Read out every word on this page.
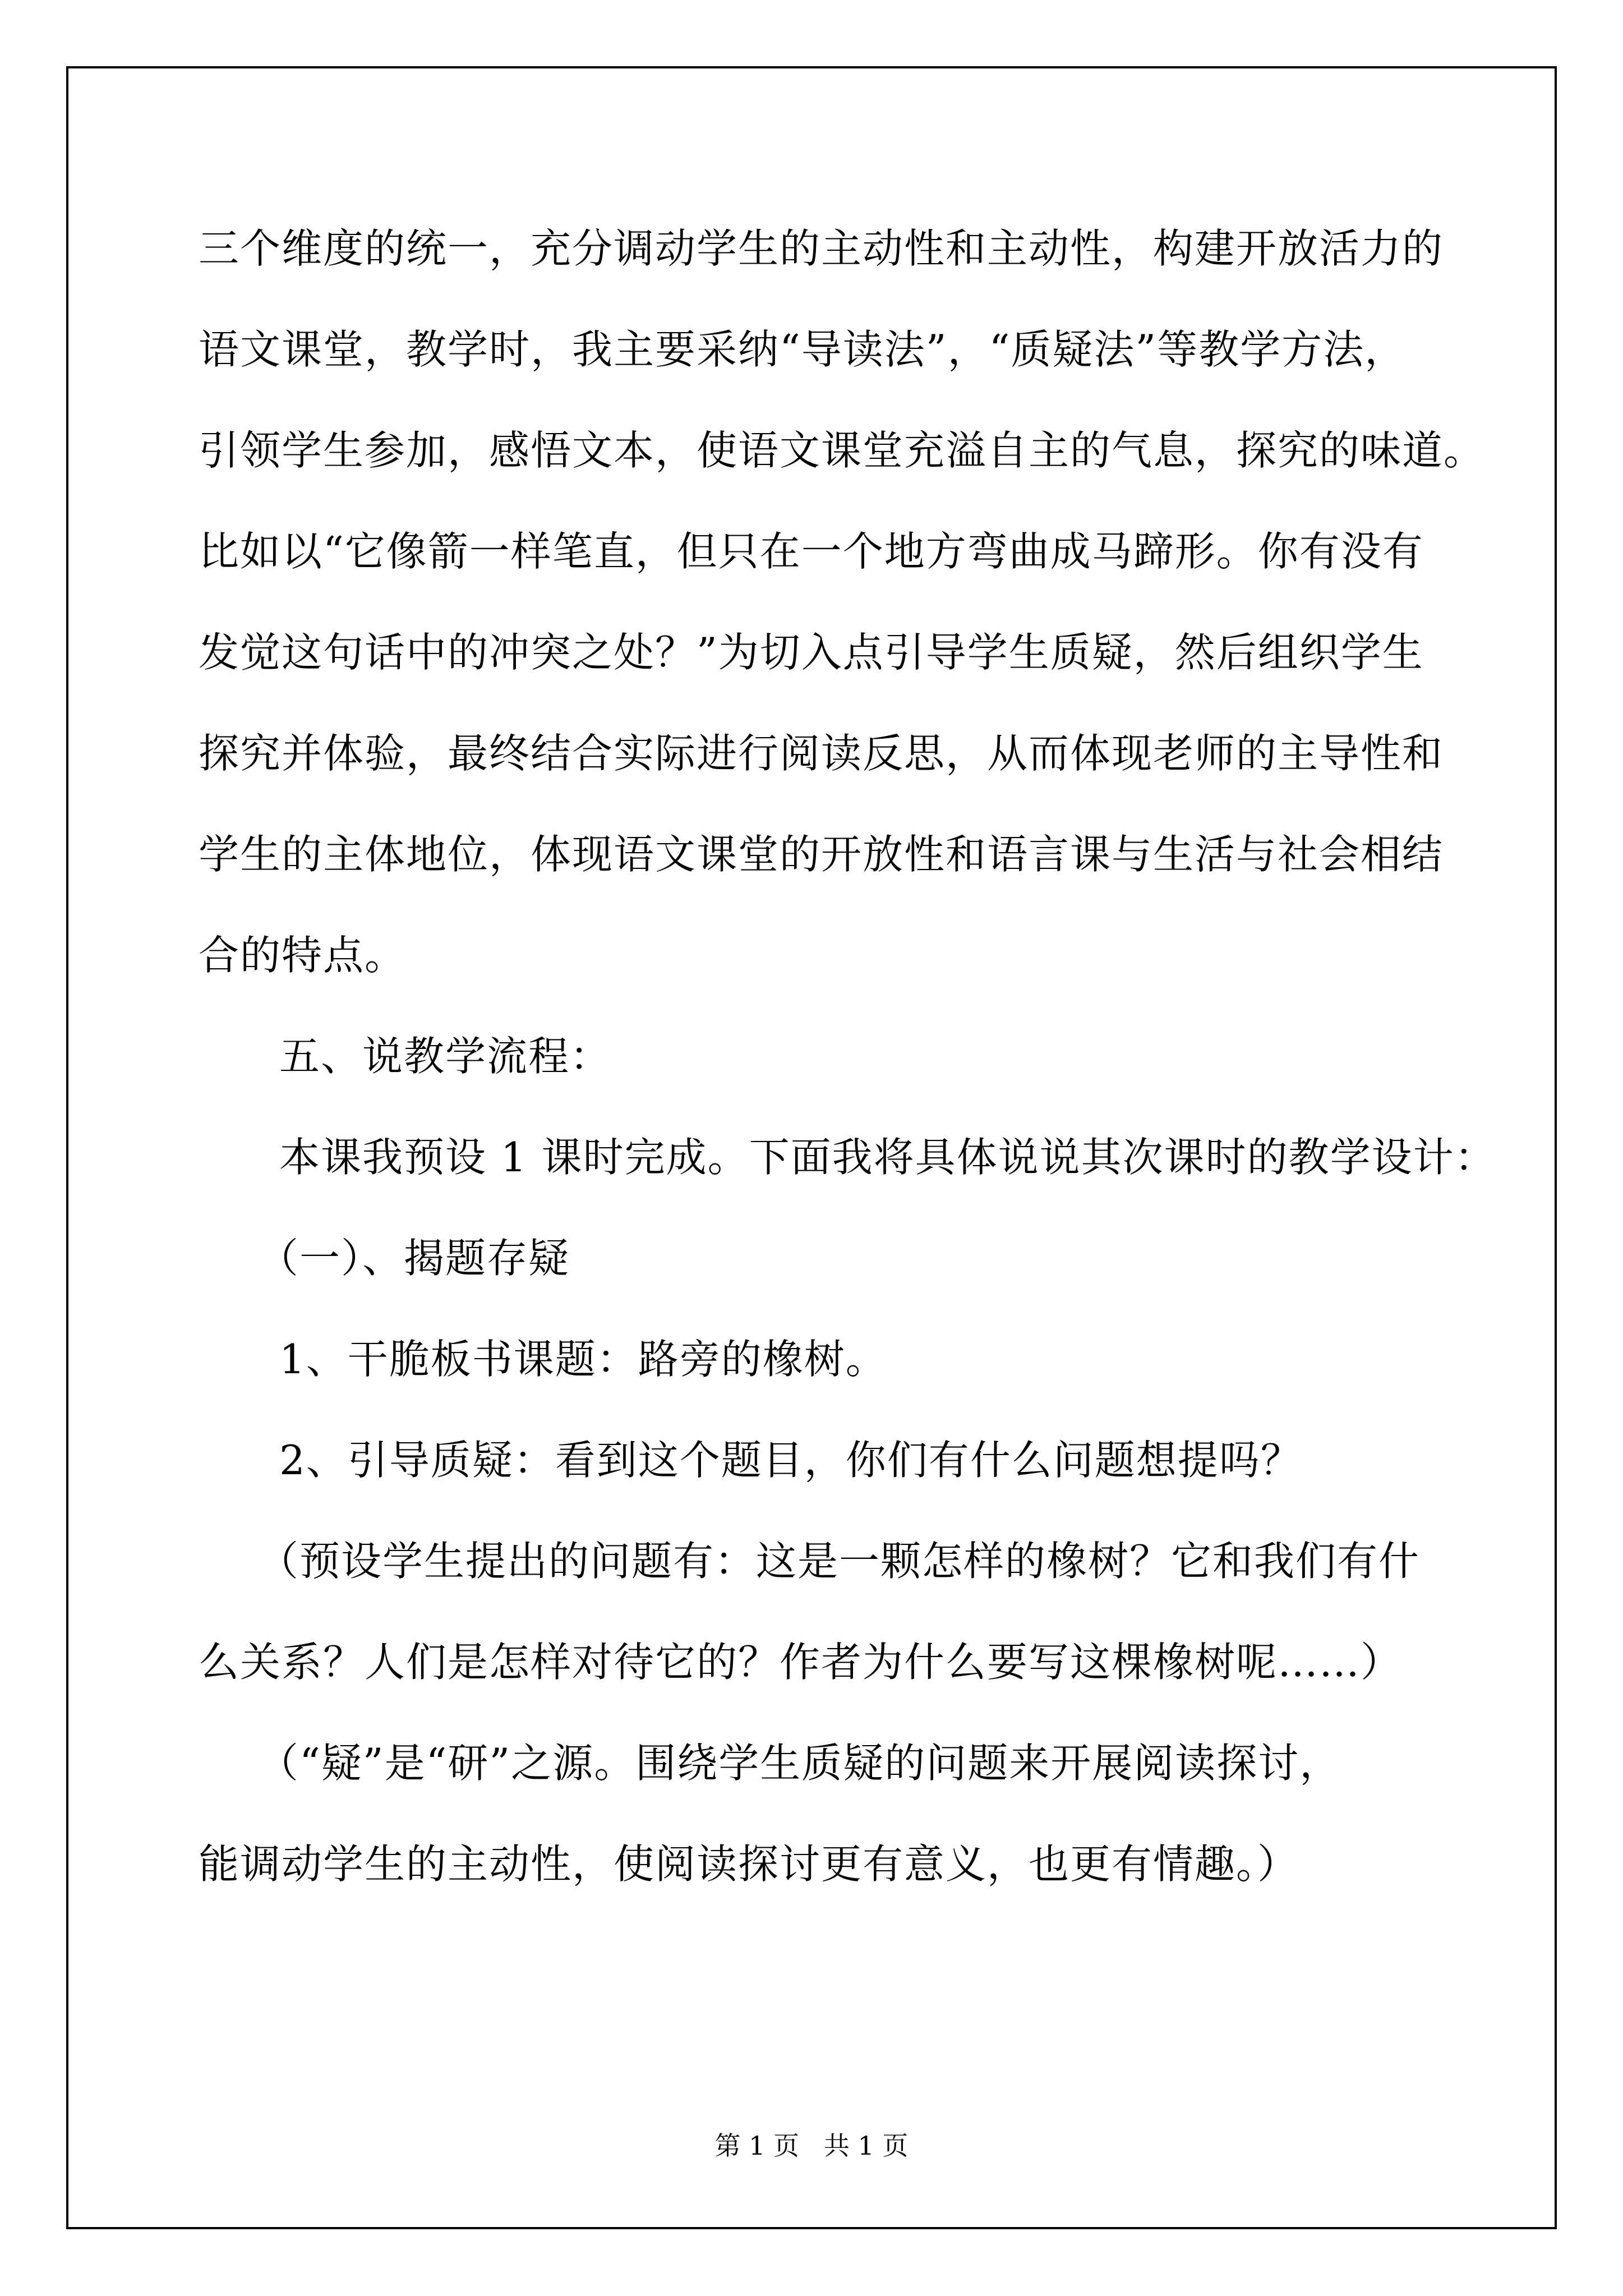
三个维度的统一，充分调动学生的主动性和主动性，构建开放活力的
语文课堂，教学时，我主要采纳“导读法”，“质疑法”等教学方法，
引领学生参加，感悟文本，使语文课堂充溢自主的气息，探究的味道。
比如以“它像箭一样笔直，但只在一个地方弯曲成马蹄形。你有没有
发觉这句话中的冲突之处？”为切入点引导学生质疑，然后组织学生
探究并体验，最终结合实际进行阅读反思，从而体现老师的主导性和
学生的主体地位，体现语文课堂的开放性和语言课与生活与社会相结
合的特点。
五、说教学流程：
本课我预设 1 课时完成。下面我将具体说说其次课时的教学设计：
（一）、揭题存疑
1、干脆板书课题：路旁的橡树。
2、引导质疑：看到这个题目，你们有什么问题想提吗？
（预设学生提出的问题有：这是一颗怎样的橡树？它和我们有什
么关系？人们是怎样对待它的？作者为什么要写这棵橡树呢……）
（“疑”是“研”之源。围绕学生质疑的问题来开展阅读探讨，
能调动学生的主动性，使阅读探讨更有意义，也更有情趣。）
第 1 页   共 1 页
